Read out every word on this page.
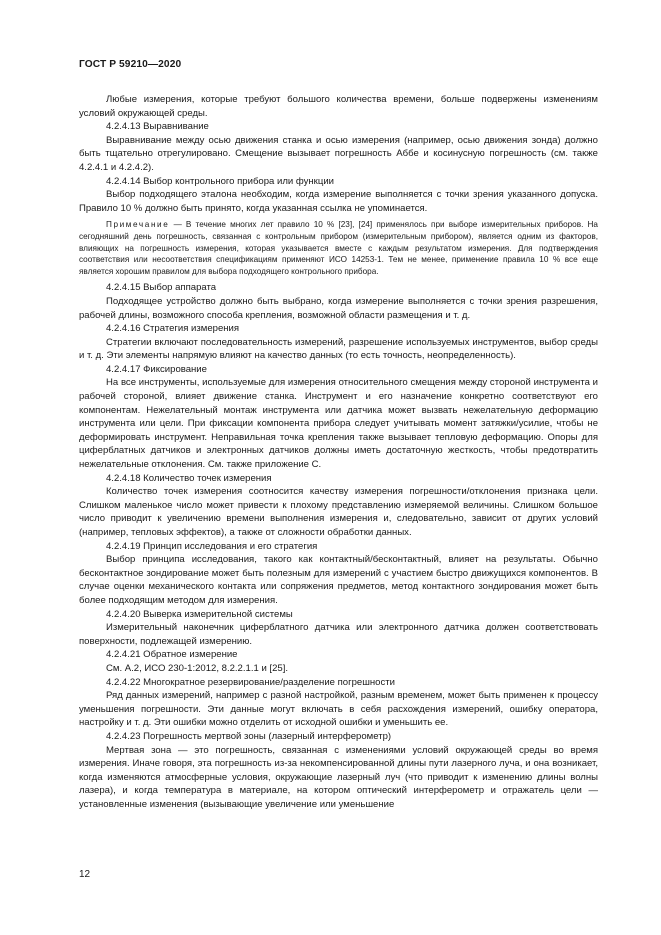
ГОСТ Р 59210—2020

Любые измерения, которые требуют большого количества времени, больше подвержены изменениям условий окружающей среды.

4.2.4.13 Выравнивание

Выравнивание между осью движения станка и осью измерения (например, осью движения зонда) должно быть тщательно отрегулировано. Смещение вызывает погрешность Аббе и косинусную погрешность (см. также 4.2.4.1 и 4.2.4.2).

4.2.4.14 Выбор контрольного прибора или функции

Выбор подходящего эталона необходим, когда измерение выполняется с точки зрения указанного допуска. Правило 10 % должно быть принято, когда указанная ссылка не упоминается.

Примечание — В течение многих лет правило 10 % [23], [24] применялось при выборе измерительных приборов. На сегодняшний день погрешность, связанная с контрольным прибором (измерительным прибором), является одним из факторов, влияющих на погрешность измерения, которая указывается вместе с каждым результатом измерения. Для подтверждения соответствия или несоответствия спецификациям применяют ИСО 14253-1. Тем не менее, применение правила 10 % все еще является хорошим правилом для выбора подходящего контрольного прибора.

4.2.4.15 Выбор аппарата

Подходящее устройство должно быть выбрано, когда измерение выполняется с точки зрения разрешения, рабочей длины, возможного способа крепления, возможной области размещения и т. д.

4.2.4.16 Стратегия измерения

Стратегии включают последовательность измерений, разрешение используемых инструментов, выбор среды и т. д. Эти элементы напрямую влияют на качество данных (то есть точность, неопределенность).

4.2.4.17 Фиксирование

На все инструменты, используемые для измерения относительного смещения между стороной инструмента и рабочей стороной, влияет движение станка. Инструмент и его назначение конкретно соответствуют его компонентам. Нежелательный монтаж инструмента или датчика может вызвать нежелательную деформацию инструмента или цели. При фиксации компонента прибора следует учитывать момент затяжки/усилие, чтобы не деформировать инструмент. Неправильная точка крепления также вызывает тепловую деформацию. Опоры для циферблатных датчиков и электронных датчиков должны иметь достаточную жесткость, чтобы предотвратить нежелательные отклонения. См. также приложение С.

4.2.4.18 Количество точек измерения

Количество точек измерения соотносится качеству измерения погрешности/отклонения признака цели. Слишком маленькое число может привести к плохому представлению измеряемой величины. Слишком большое число приводит к увеличению времени выполнения измерения и, следовательно, зависит от других условий (например, тепловых эффектов), а также от сложности обработки данных.

4.2.4.19 Принцип исследования и его стратегия

Выбор принципа исследования, такого как контактный/бесконтактный, влияет на результаты. Обычно бесконтактное зондирование может быть полезным для измерений с участием быстро движущихся компонентов. В случае оценки механического контакта или сопряжения предметов, метод контактного зондирования может быть более подходящим методом для измерения.

4.2.4.20 Выверка измерительной системы

Измерительный наконечник циферблатного датчика или электронного датчика должен соответствовать поверхности, подлежащей измерению.

4.2.4.21 Обратное измерение

См. А.2, ИСО 230-1:2012, 8.2.2.1.1 и [25].

4.2.4.22 Многократное резервирование/разделение погрешности

Ряд данных измерений, например с разной настройкой, разным временем, может быть применен к процессу уменьшения погрешности. Эти данные могут включать в себя расхождения измерений, ошибку оператора, настройку и т. д. Эти ошибки можно отделить от исходной ошибки и уменьшить ее.

4.2.4.23 Погрешность мертвой зоны (лазерный интерферометр)

Мертвая зона — это погрешность, связанная с изменениями условий окружающей среды во время измерения. Иначе говоря, эта погрешность из-за некомпенсированной длины пути лазерного луча, и она возникает, когда изменяются атмосферные условия, окружающие лазерный луч (что приводит к изменению длины волны лазера), и когда температура в материале, на котором оптический интерферометр и отражатель цели — установленные изменения (вызывающие увеличение или уменьшение

12
